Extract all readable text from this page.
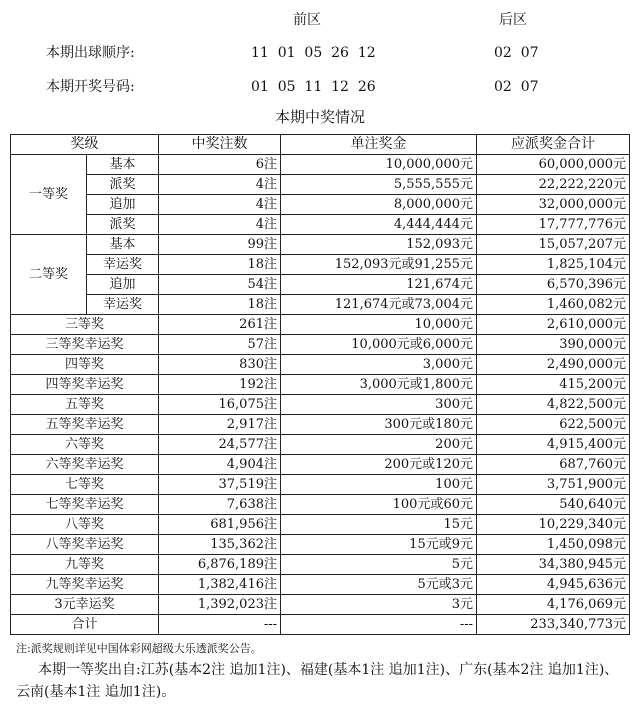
前区	后区
本期出球顺序:	11  01  05  26  12	02  07
本期开奖号码:	01  05  11  12  26	02  07
本期中奖情况
奖级		中奖注数	单注奖金	应派奖金合计
一等奖	基本	6注	10,000,000元	60,000,000元
	派奖	4注	5,555,555元	22,222,220元
	追加	4注	8,000,000元	32,000,000元
	派奖	4注	4,444,444元	17,777,776元
二等奖	基本	99注	152,093元	15,057,207元
	幸运奖	18注	152,093元或91,255元	1,825,104元
	追加	54注	121,674元	6,570,396元
	幸运奖	18注	121,674元或73,004元	1,460,082元
三等奖		261注	10,000元	2,610,000元
三等奖幸运奖		57注	10,000元或6,000元	390,000元
四等奖		830注	3,000元	2,490,000元
四等奖幸运奖		192注	3,000元或1,800元	415,200元
五等奖		16,075注	300元	4,822,500元
五等奖幸运奖		2,917注	300元或180元	622,500元
六等奖		24,577注	200元	4,915,400元
六等奖幸运奖		4,904注	200元或120元	687,760元
七等奖		37,519注	100元	3,751,900元
七等奖幸运奖		7,638注	100元或60元	540,640元
八等奖		681,956注	15元	10,229,340元
八等奖幸运奖		135,362注	15元或9元	1,450,098元
九等奖		6,876,189注	5元	34,380,945元
九等奖幸运奖		1,382,416注	5元或3元	4,945,636元
3元幸运奖		1,392,023注	3元	4,176,069元
合计		---	---	233,340,773元
注:派奖规则详见中国体彩网超级大乐透派奖公告。
本期一等奖出自:江苏(基本2注 追加1注)、福建(基本1注 追加1注)、广东(基本2注 追加1注)、云南(基本1注 追加1注)。
